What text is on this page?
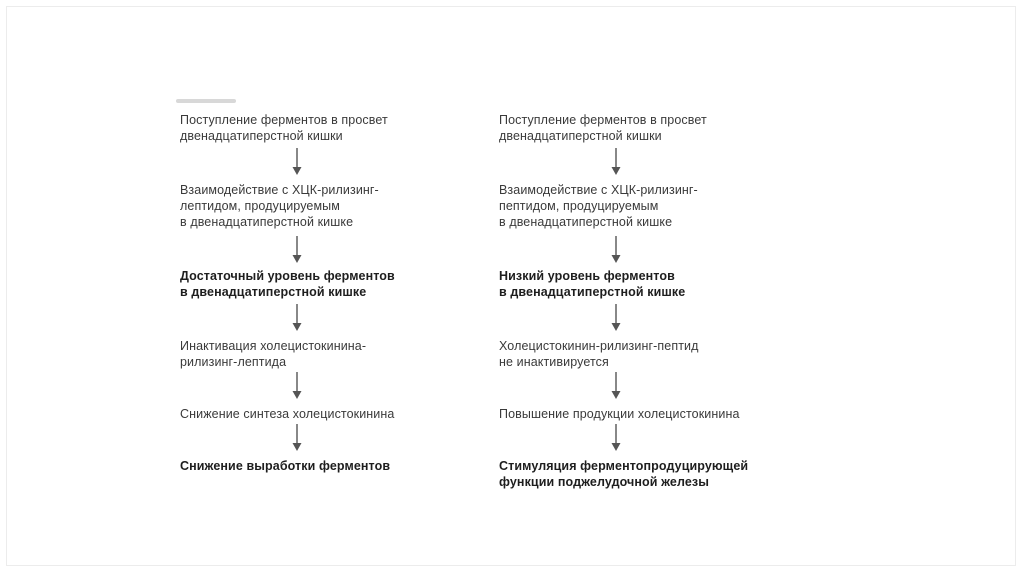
Поступление ферментов в просвет
двенадцатиперстной кишки
Взаимодействие с ХЦК-рилизинг-
лептидом, продуцируемым
в двенадцатиперстной кишке
Достаточный уровень ферментов
в двенадцатиперстной кишке
Инактивация холецистокинина-
рилизинг-лептида
Снижение синтеза холецистокинина
Снижение выработки ферментов
Поступление ферментов в просвет
двенадцатиперстной кишки
Взаимодействие с ХЦК-рилизинг-
пептидом, продуцируемым
в двенадцатиперстной кишке
Низкий уровень ферментов
в двенадцатиперстной кишке
Холецистокинин-рилизинг-пептид
не инактивируется
Повышение продукции холецистокинина
Стимуляция ферментопродуцирующей
функции поджелудочной железы
